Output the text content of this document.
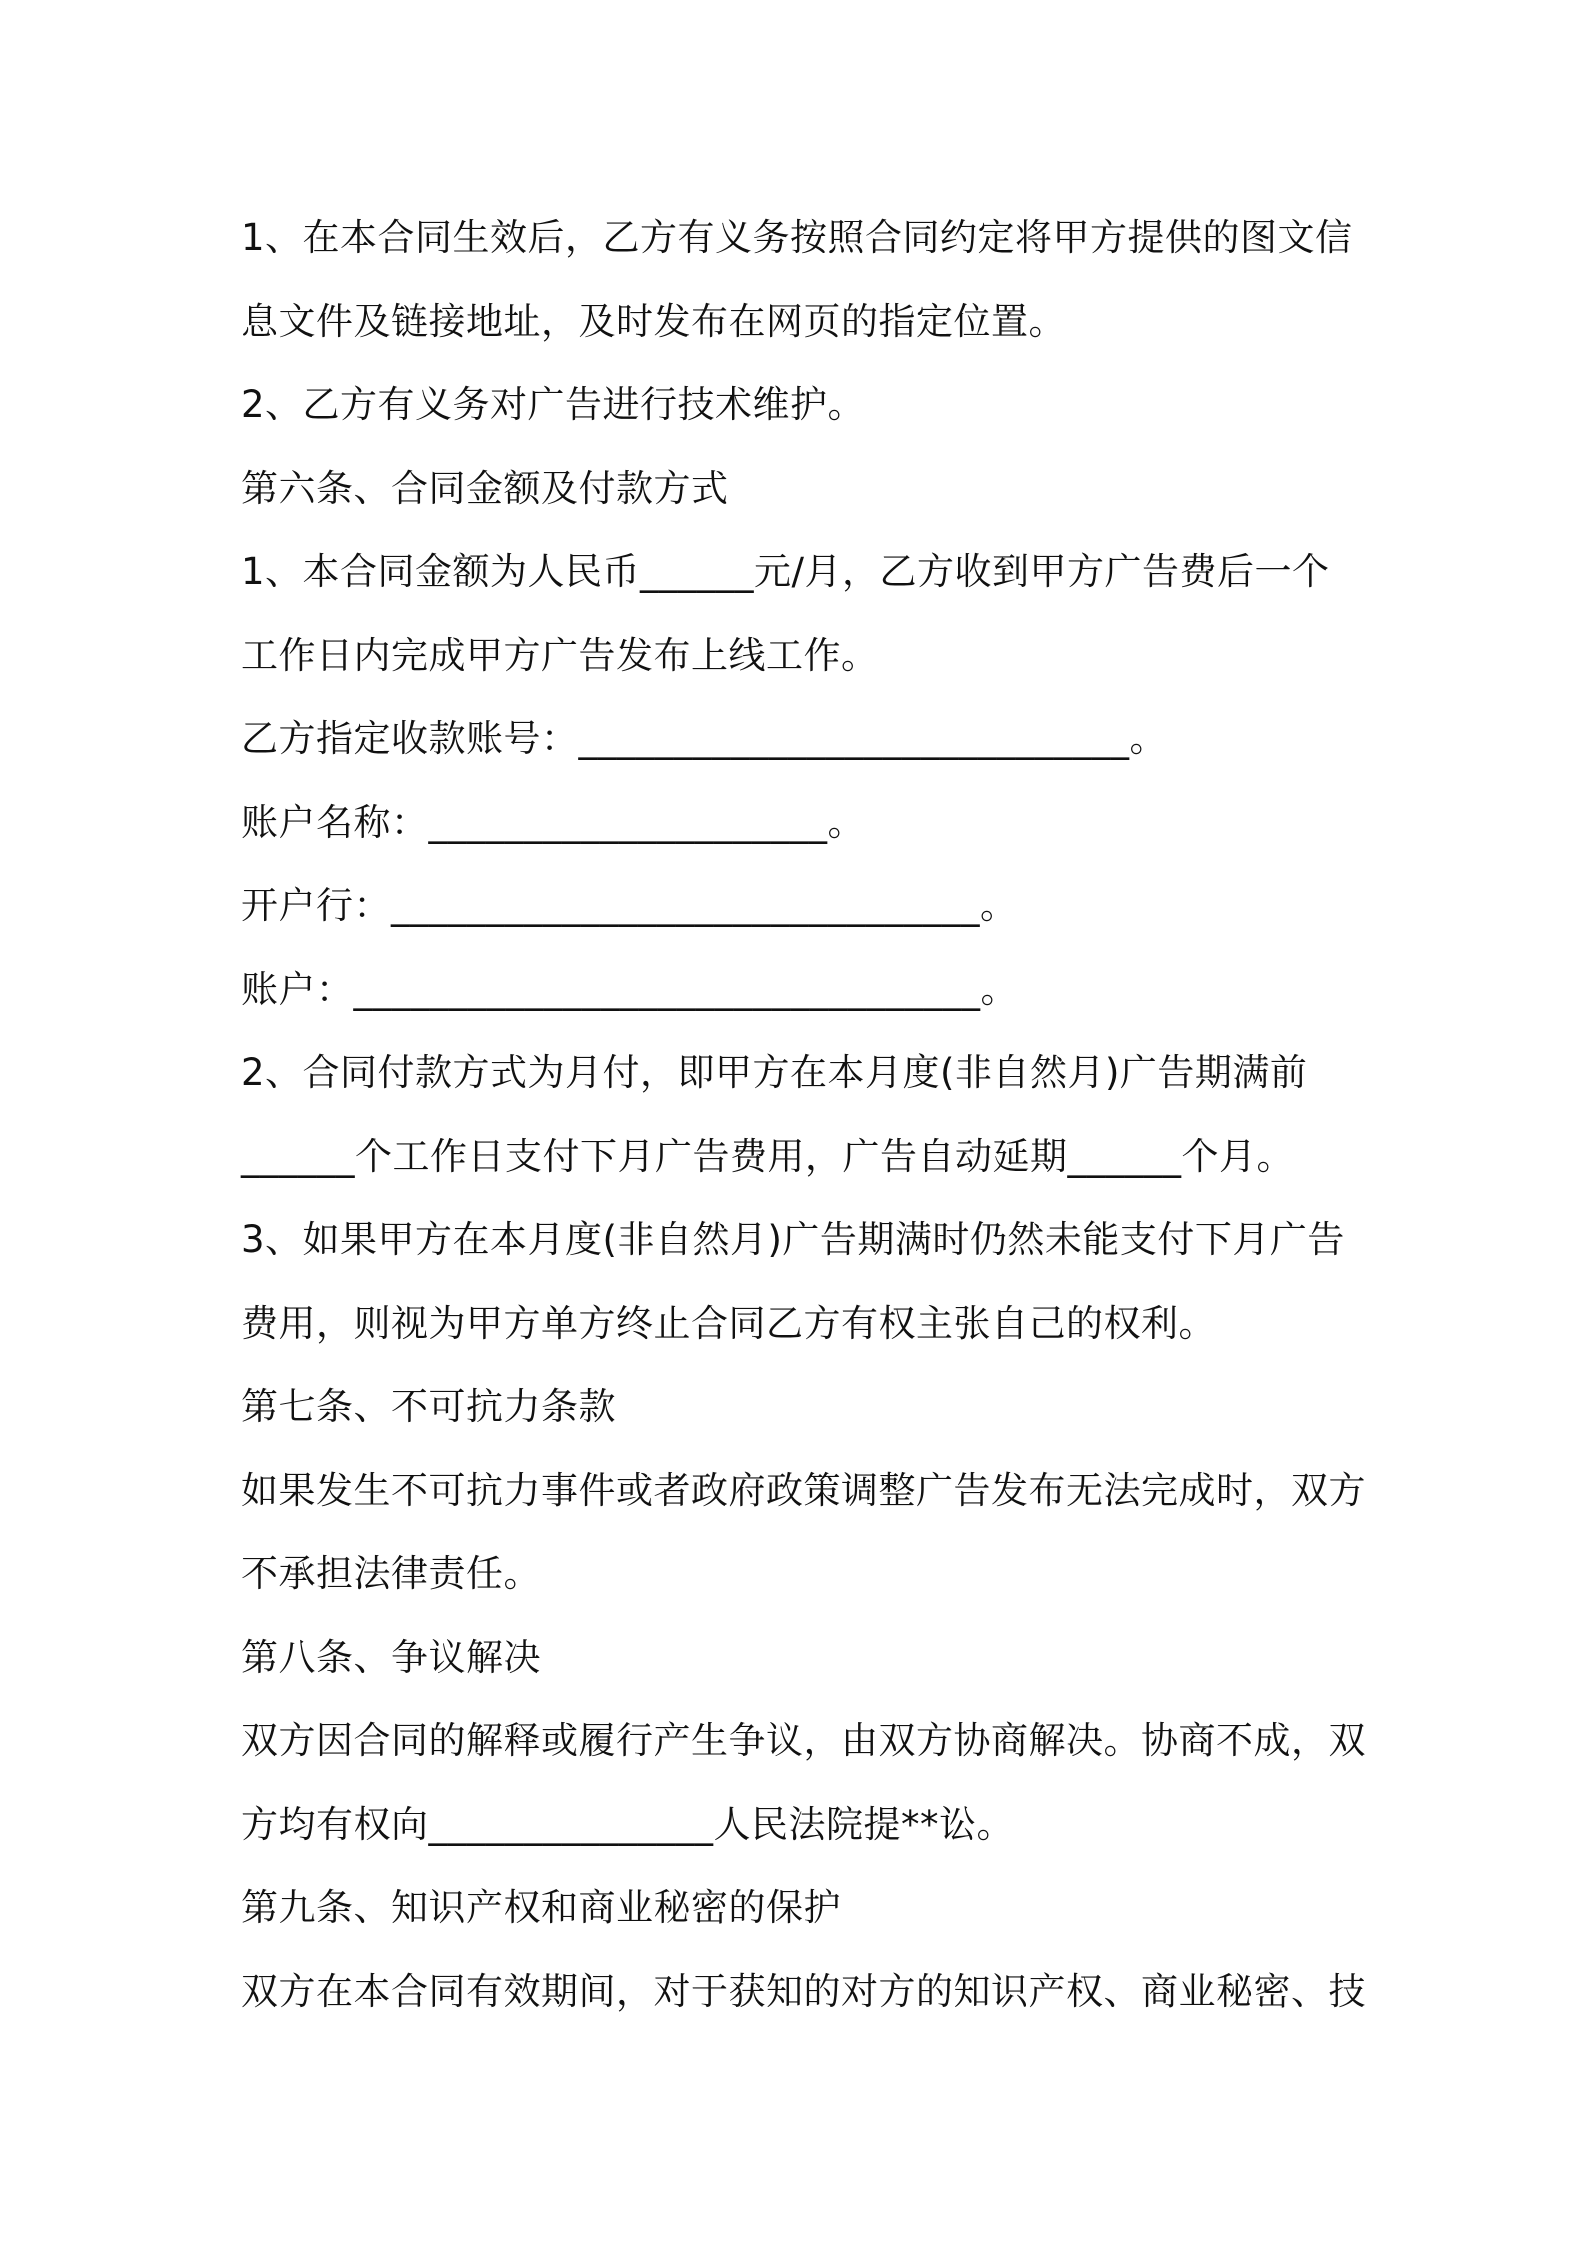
1、在本合同生效后，乙方有义务按照合同约定将甲方提供的图文信
息文件及链接地址，及时发布在网页的指定位置。
2、乙方有义务对广告进行技术维护。
第六条、合同金额及付款方式
1、本合同金额为人民币______元/月，乙方收到甲方广告费后一个
工作日内完成甲方广告发布上线工作。
乙方指定收款账号：_____________________________。
账户名称：_____________________。
开户行：_______________________________。
账户：_________________________________。
2、合同付款方式为月付，即甲方在本月度(非自然月)广告期满前
______个工作日支付下月广告费用，广告自动延期______个月。
3、如果甲方在本月度(非自然月)广告期满时仍然未能支付下月广告
费用，则视为甲方单方终止合同乙方有权主张自己的权利。
第七条、不可抗力条款
如果发生不可抗力事件或者政府政策调整广告发布无法完成时，双方
不承担法律责任。
第八条、争议解决
双方因合同的解释或履行产生争议，由双方协商解决。协商不成，双
方均有权向_______________人民法院提**讼。
第九条、知识产权和商业秘密的保护
双方在本合同有效期间，对于获知的对方的知识产权、商业秘密、技
